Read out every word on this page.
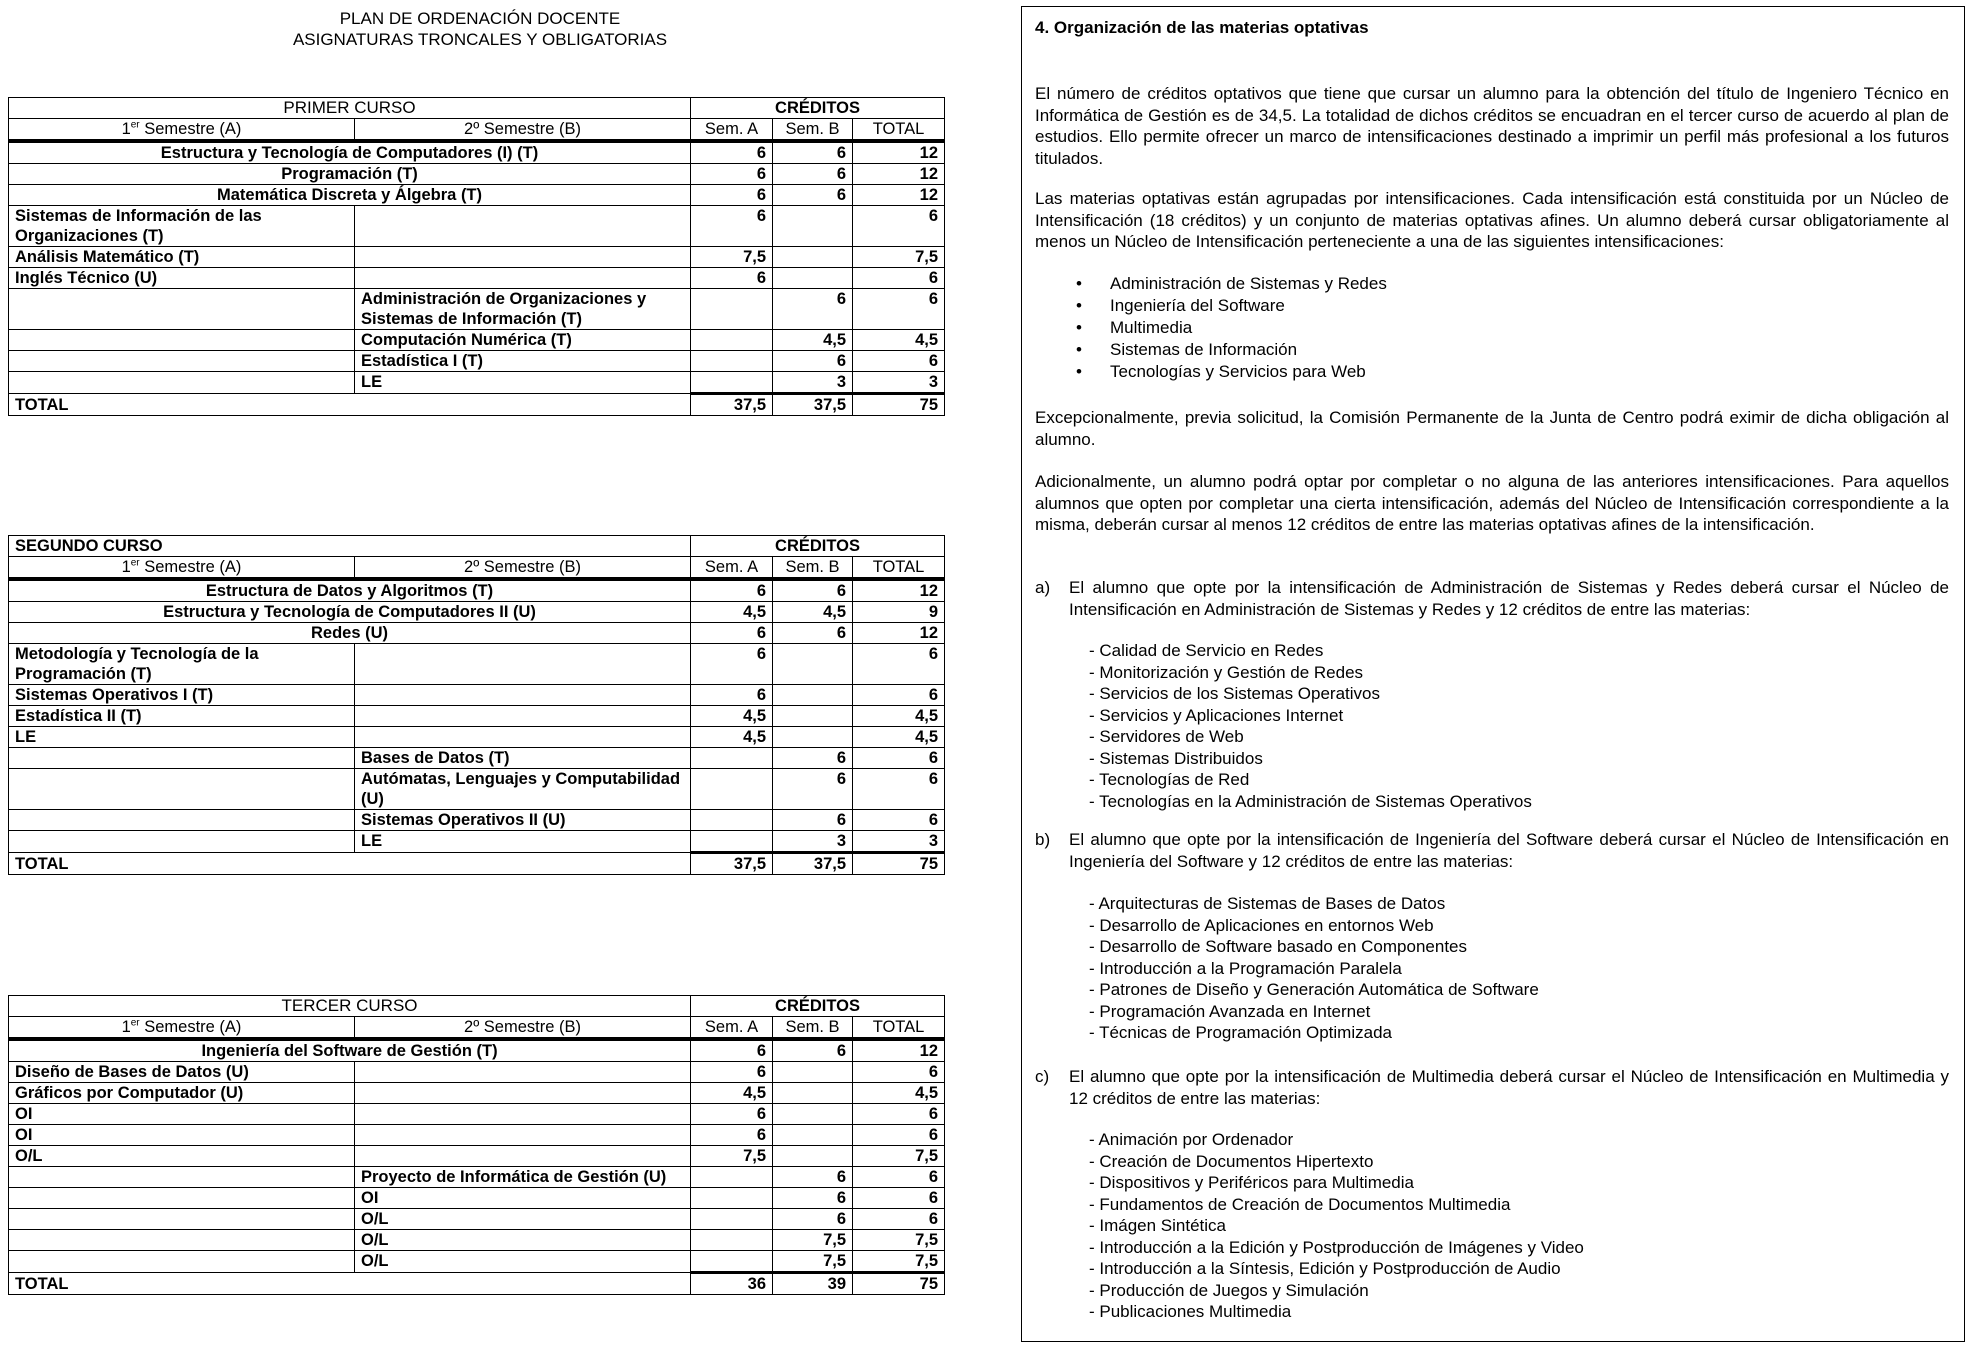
PLAN DE ORDENACIÓN DOCENTE
ASIGNATURAS TRONCALES Y OBLIGATORIAS
PRIMER CURSO		CRÉDITOS		
1er Semestre (A)	2º Semestre (B)	Sem. A	Sem. B	TOTAL
Estructura y Tecnología de Computadores (I) (T)		6	6	12
Programación (T)		6	6	12
Matemática Discreta y Álgebra (T)		6	6	12
Sistemas de Información de las Organizaciones (T)		6		6
Análisis Matemático (T)		7,5		7,5
Inglés Técnico (U)		6		6
	Administración de Organizaciones y Sistemas de Información (T)		6	6
	Computación Numérica (T)		4,5	4,5
	Estadística I (T)		6	6
	LE		3	3
TOTAL		37,5	37,5	75
SEGUNDO CURSO		CRÉDITOS		
1er Semestre (A)	2º Semestre (B)	Sem. A	Sem. B	TOTAL
Estructura de Datos y Algoritmos (T)		6	6	12
Estructura y Tecnología de Computadores II (U)		4,5	4,5	9
Redes (U)		6	6	12
Metodología y Tecnología de la Programación (T)		6		6
Sistemas Operativos I (T)		6		6
Estadística II (T)		4,5		4,5
LE		4,5		4,5
	Bases de Datos (T)		6	6
	Autómatas, Lenguajes y Computabilidad (U)		6	6
	Sistemas Operativos II (U)		6	6
	LE		3	3
TOTAL		37,5	37,5	75
TERCER CURSO		CRÉDITOS		
1er Semestre (A)	2º Semestre (B)	Sem. A	Sem. B	TOTAL
Ingeniería del Software de Gestión (T)		6	6	12
Diseño de Bases de Datos (U)		6		6
Gráficos por Computador (U)		4,5		4,5
OI		6		6
OI		6		6
O/L		7,5		7,5
	Proyecto de Informática de Gestión (U)		6	6
	OI		6	6
	O/L		6	6
	O/L		7,5	7,5
	O/L		7,5	7,5
TOTAL		36	39	75
4. Organización de las materias optativas
El número de créditos optativos que tiene que cursar un alumno para la obtención del título de Ingeniero Técnico en Informática de Gestión es de 34,5. La totalidad de dichos créditos se encuadran en el tercer curso de acuerdo al plan de estudios. Ello permite ofrecer un marco de intensificaciones destinado a imprimir un perfil más profesional a los futuros titulados.
Las materias optativas están agrupadas por intensificaciones. Cada intensificación está constituida por un Núcleo de Intensificación (18 créditos) y un conjunto de materias optativas afines. Un alumno deberá cursar obligatoriamente al menos un Núcleo de Intensificación perteneciente a una de las siguientes intensificaciones:
• Administración de Sistemas y Redes
• Ingeniería del Software
• Multimedia
• Sistemas de Información
• Tecnologías y Servicios para Web
Excepcionalmente, previa solicitud, la Comisión Permanente de la Junta de Centro podrá eximir de dicha obligación al alumno.
Adicionalmente, un alumno podrá optar por completar o no alguna de las anteriores intensificaciones. Para aquellos alumnos que opten por completar una cierta intensificación, además del Núcleo de Intensificación correspondiente a la misma, deberán cursar al menos 12 créditos de entre las materias optativas afines de la intensificación.
a) El alumno que opte por la intensificación de Administración de Sistemas y Redes deberá cursar el Núcleo de Intensificación en Administración de Sistemas y Redes y 12 créditos de entre las materias:
- Calidad de Servicio en Redes
- Monitorización y Gestión de Redes
- Servicios de los Sistemas Operativos
- Servicios y Aplicaciones Internet
- Servidores de Web
- Sistemas Distribuidos
- Tecnologías de Red
- Tecnologías en la Administración de Sistemas Operativos
b) El alumno que opte por la intensificación de Ingeniería del Software deberá cursar el Núcleo de Intensificación en Ingeniería del Software y 12 créditos de entre las materias:
- Arquitecturas de Sistemas de Bases de Datos
- Desarrollo de Aplicaciones en entornos Web
- Desarrollo de Software basado en Componentes
- Introducción a la Programación Paralela
- Patrones de Diseño y Generación Automática de Software
- Programación Avanzada en Internet
- Técnicas de Programación Optimizada
c) El alumno que opte por la intensificación de Multimedia deberá cursar el Núcleo de Intensificación en Multimedia y 12 créditos de entre las materias:
- Animación por Ordenador
- Creación de Documentos Hipertexto
- Dispositivos y Periféricos para Multimedia
- Fundamentos de Creación de Documentos Multimedia
- Imágen Sintética
- Introducción a la Edición y Postproducción de Imágenes y Video
- Introducción a la Síntesis, Edición y Postproducción de Audio
- Producción de Juegos y Simulación
- Publicaciones Multimedia
